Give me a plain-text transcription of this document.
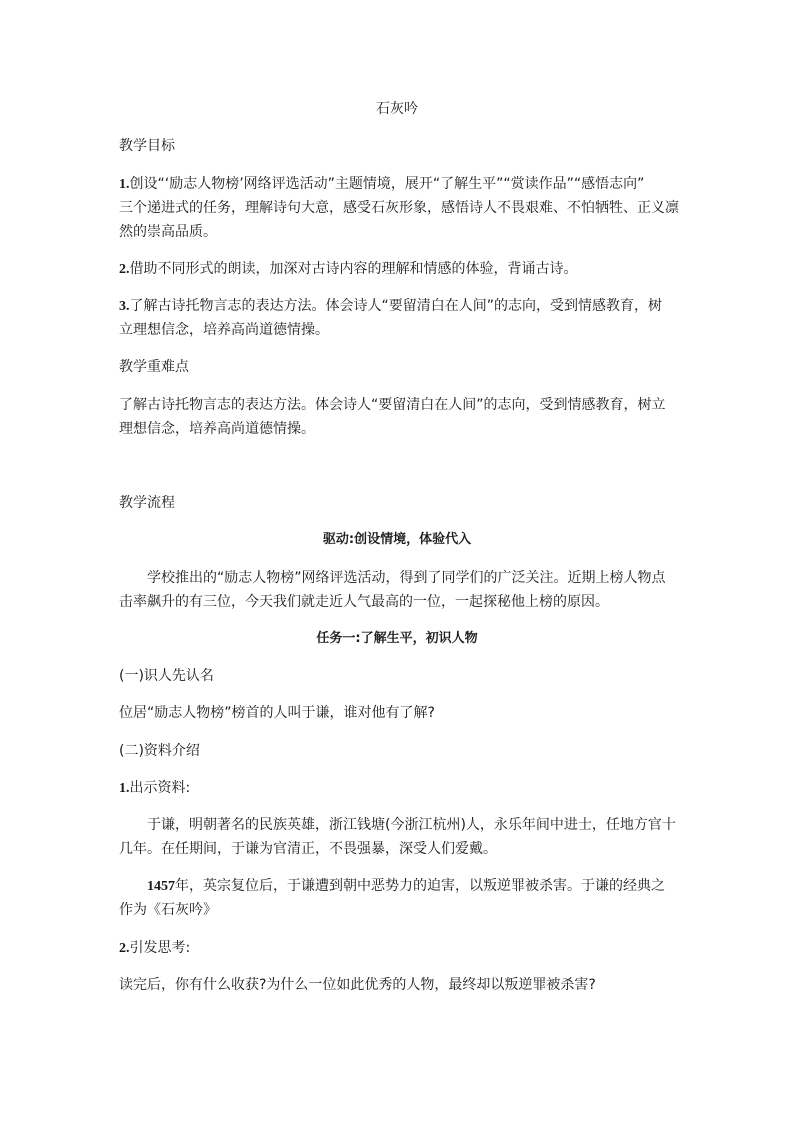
石灰吟
教学目标
1.创设“‘励志人物榜’网络评选活动”主题情境，展开“了解生平”“赏读作品”“感悟志向”
三个递进式的任务，理解诗句大意，感受石灰形象，感悟诗人不畏艰难、不怕牺牲、正义凛
然的崇高品质。
2.借助不同形式的朗读，加深对古诗内容的理解和情感的体验，背诵古诗。
3.了解古诗托物言志的表达方法。体会诗人“要留清白在人间”的志向，受到情感教育，树
立理想信念，培养高尚道德情操。
教学重难点
了解古诗托物言志的表达方法。体会诗人“要留清白在人间”的志向，受到情感教育，树立
理想信念，培养高尚道德情操。
教学流程
驱动:创设情境，体验代入
学校推出的“励志人物榜”网络评选活动，得到了同学们的广泛关注。近期上榜人物点
击率飙升的有三位，今天我们就走近人气最高的一位，一起探秘他上榜的原因。
任务一:了解生平，初识人物
(一)识人先认名
位居“励志人物榜”榜首的人叫于谦，谁对他有了解?
(二)资料介绍
1.出示资料:
于谦，明朝著名的民族英雄，浙江钱塘(今浙江杭州)人，永乐年间中进士，任地方官十
几年。在任期间，于谦为官清正，不畏强暴，深受人们爱戴。
1457年，英宗复位后，于谦遭到朝中恶势力的迫害，以叛逆罪被杀害。于谦的经典之
作为《石灰吟》
2.引发思考:
读完后，你有什么收获?为什么一位如此优秀的人物，最终却以叛逆罪被杀害?
